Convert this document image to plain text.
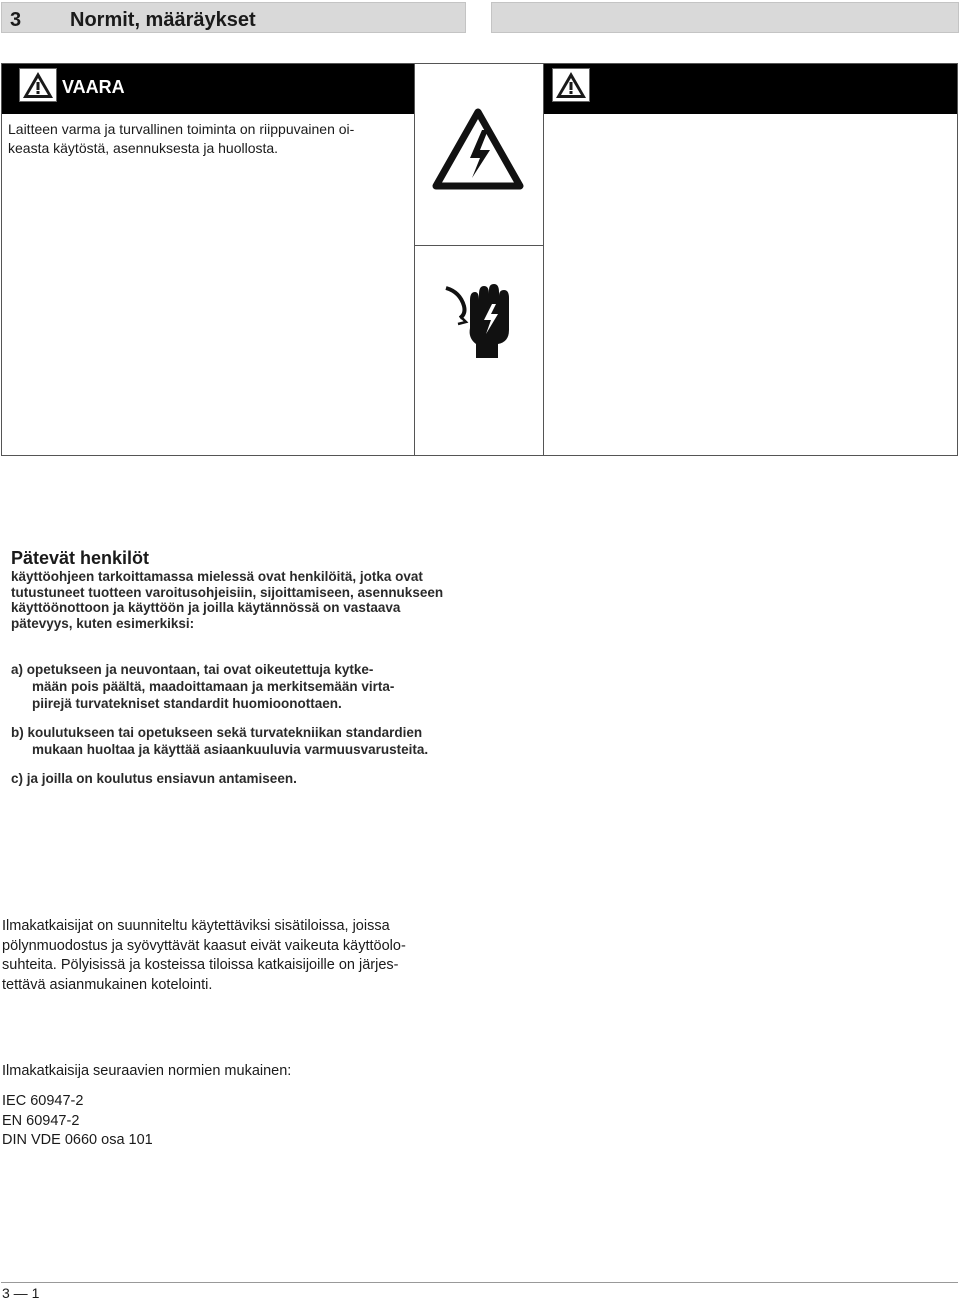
3 Normit, määräykset
VAARA
Laitteen varma ja turvallinen toiminta on riippuvainen oi-
keasta käytöstä, asennuksesta ja huollosta.
Pätevät henkilöt
käyttöohjeen tarkoittamassa mielessä ovat henkilöitä, jotka ovat
tutustuneet tuotteen varoitusohjeisiin, sijoittamiseen, asennukseen
käyttöönottoon ja käyttöön ja joilla käytännössä on vastaava
pätevyys, kuten esimerkiksi:
a) opetukseen ja neuvontaan, tai ovat oikeutettuja kytke-
mään pois päältä, maadoittamaan ja merkitsemään virta-
piirejä turvatekniset standardit huomioonottaen.
b) koulutukseen tai opetukseen sekä turvatekniikan standardien
mukaan huoltaa ja käyttää asiaankuuluvia varmuusvarusteita.
c) ja joilla on koulutus ensiavun antamiseen.
Ilmakatkaisijat on suunniteltu käytettäviksi sisätiloissa, joissa
pölynmuodostus ja syövyttävät kaasut eivät vaikeuta käyttöolo-
suhteita. Pölyisissä ja kosteissa tiloissa katkaisijoille on järjes-
tettävä asianmukainen kotelointi.
Ilmakatkaisija seuraavien normien mukainen:
IEC 60947-2
EN 60947-2
DIN VDE 0660 osa 101
3 — 1
